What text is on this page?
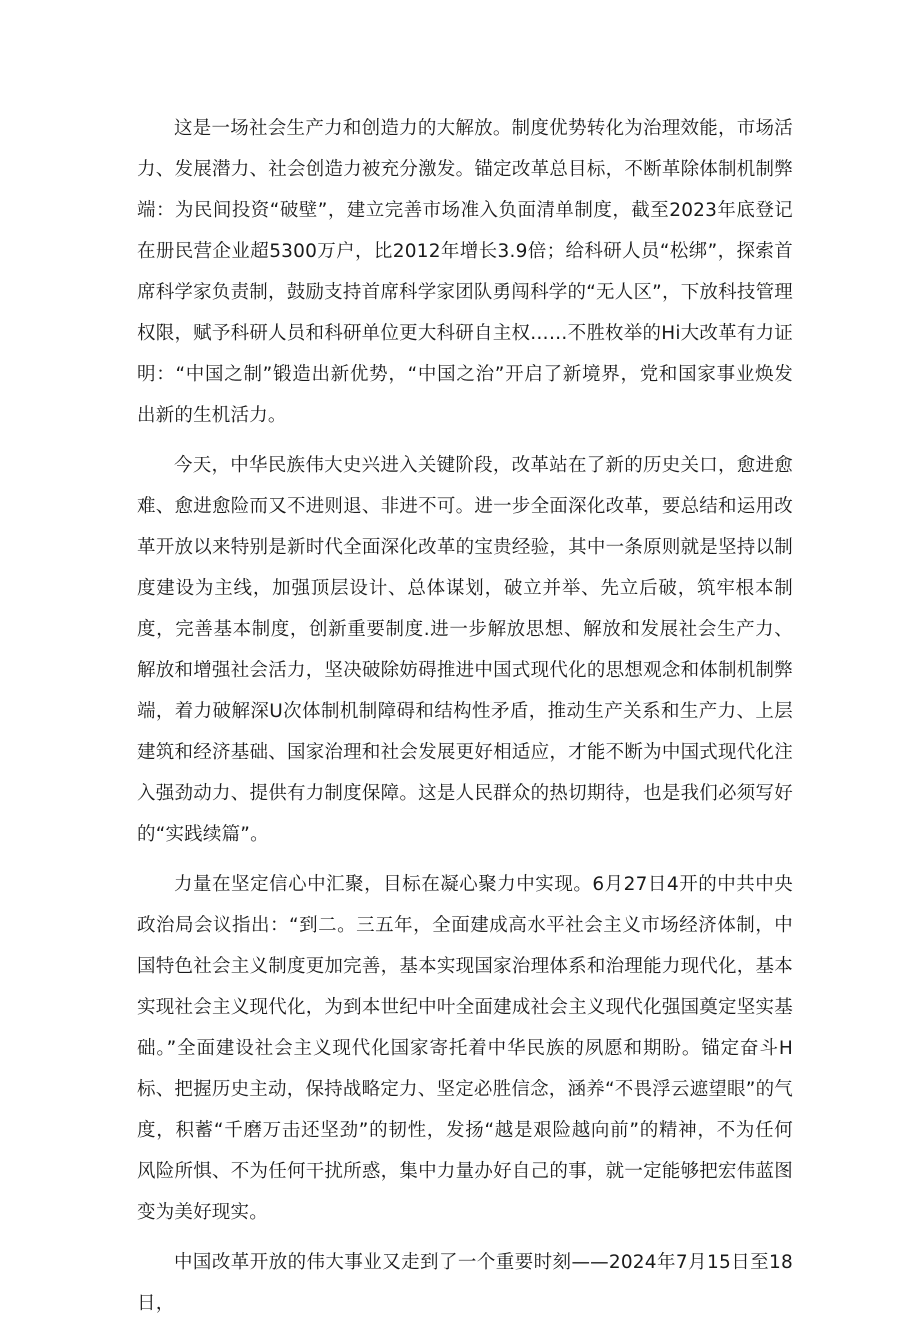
这是一场社会生产力和创造力的大解放。制度优势转化为治理效能，市场活力、发展潜力、社会创造力被充分激发。锚定改革总目标，不断革除体制机制弊端：为民间投资“破壁”，建立完善市场准入负面清单制度，截至2023年底登记在册民营企业超5300万户，比2012年增长3.9倍；给科研人员“松绑”，探索首席科学家负责制，鼓励支持首席科学家团队勇闯科学的“无人区”，下放科技管理权限，赋予科研人员和科研单位更大科研自主权……不胜枚举的Hi大改革有力证明：“中国之制”锻造出新优势，“中国之治”开启了新境界，党和国家事业焕发出新的生机活力。

今天，中华民族伟大史兴进入关键阶段，改革站在了新的历史关口，愈进愈难、愈进愈险而又不进则退、非进不可。进一步全面深化改革，要总结和运用改革开放以来特别是新时代全面深化改革的宝贵经验，其中一条原则就是坚持以制度建设为主线，加强顶层设计、总体谋划，破立并举、先立后破，筑牢根本制度，完善基本制度，创新重要制度.进一步解放思想、解放和发展社会生产力、解放和增强社会活力，坚决破除妨碍推进中国式现代化的思想观念和体制机制弊端，着力破解深U次体制机制障碍和结构性矛盾，推动生产关系和生产力、上层建筑和经济基础、国家治理和社会发展更好相适应，才能不断为中国式现代化注入强劲动力、提供有力制度保障。这是人民群众的热切期待，也是我们必须写好的“实践续篇”。

力量在坚定信心中汇聚，目标在凝心聚力中实现。6月27日4开的中共中央政治局会议指出：“到二。三五年，全面建成高水平社会主义市场经济体制，中国特色社会主义制度更加完善，基本实现国家治理体系和治理能力现代化，基本实现社会主义现代化，为到本世纪中叶全面建成社会主义现代化强国奠定坚实基础。”全面建设社会主义现代化国家寄托着中华民族的夙愿和期盼。锚定奋斗H标、把握历史主动，保持战略定力、坚定必胜信念，涵养“不畏浮云遮望眼”的气度，积蓄“千磨万击还坚劲”的韧性，发扬“越是艰险越向前”的精神，不为任何风险所惧、不为任何干扰所惑，集中力量办好自己的事，就一定能够把宏伟蓝图变为美好现实。

中国改革开放的伟大事业又走到了一个重要时刻——2024年7月15日至18日，
